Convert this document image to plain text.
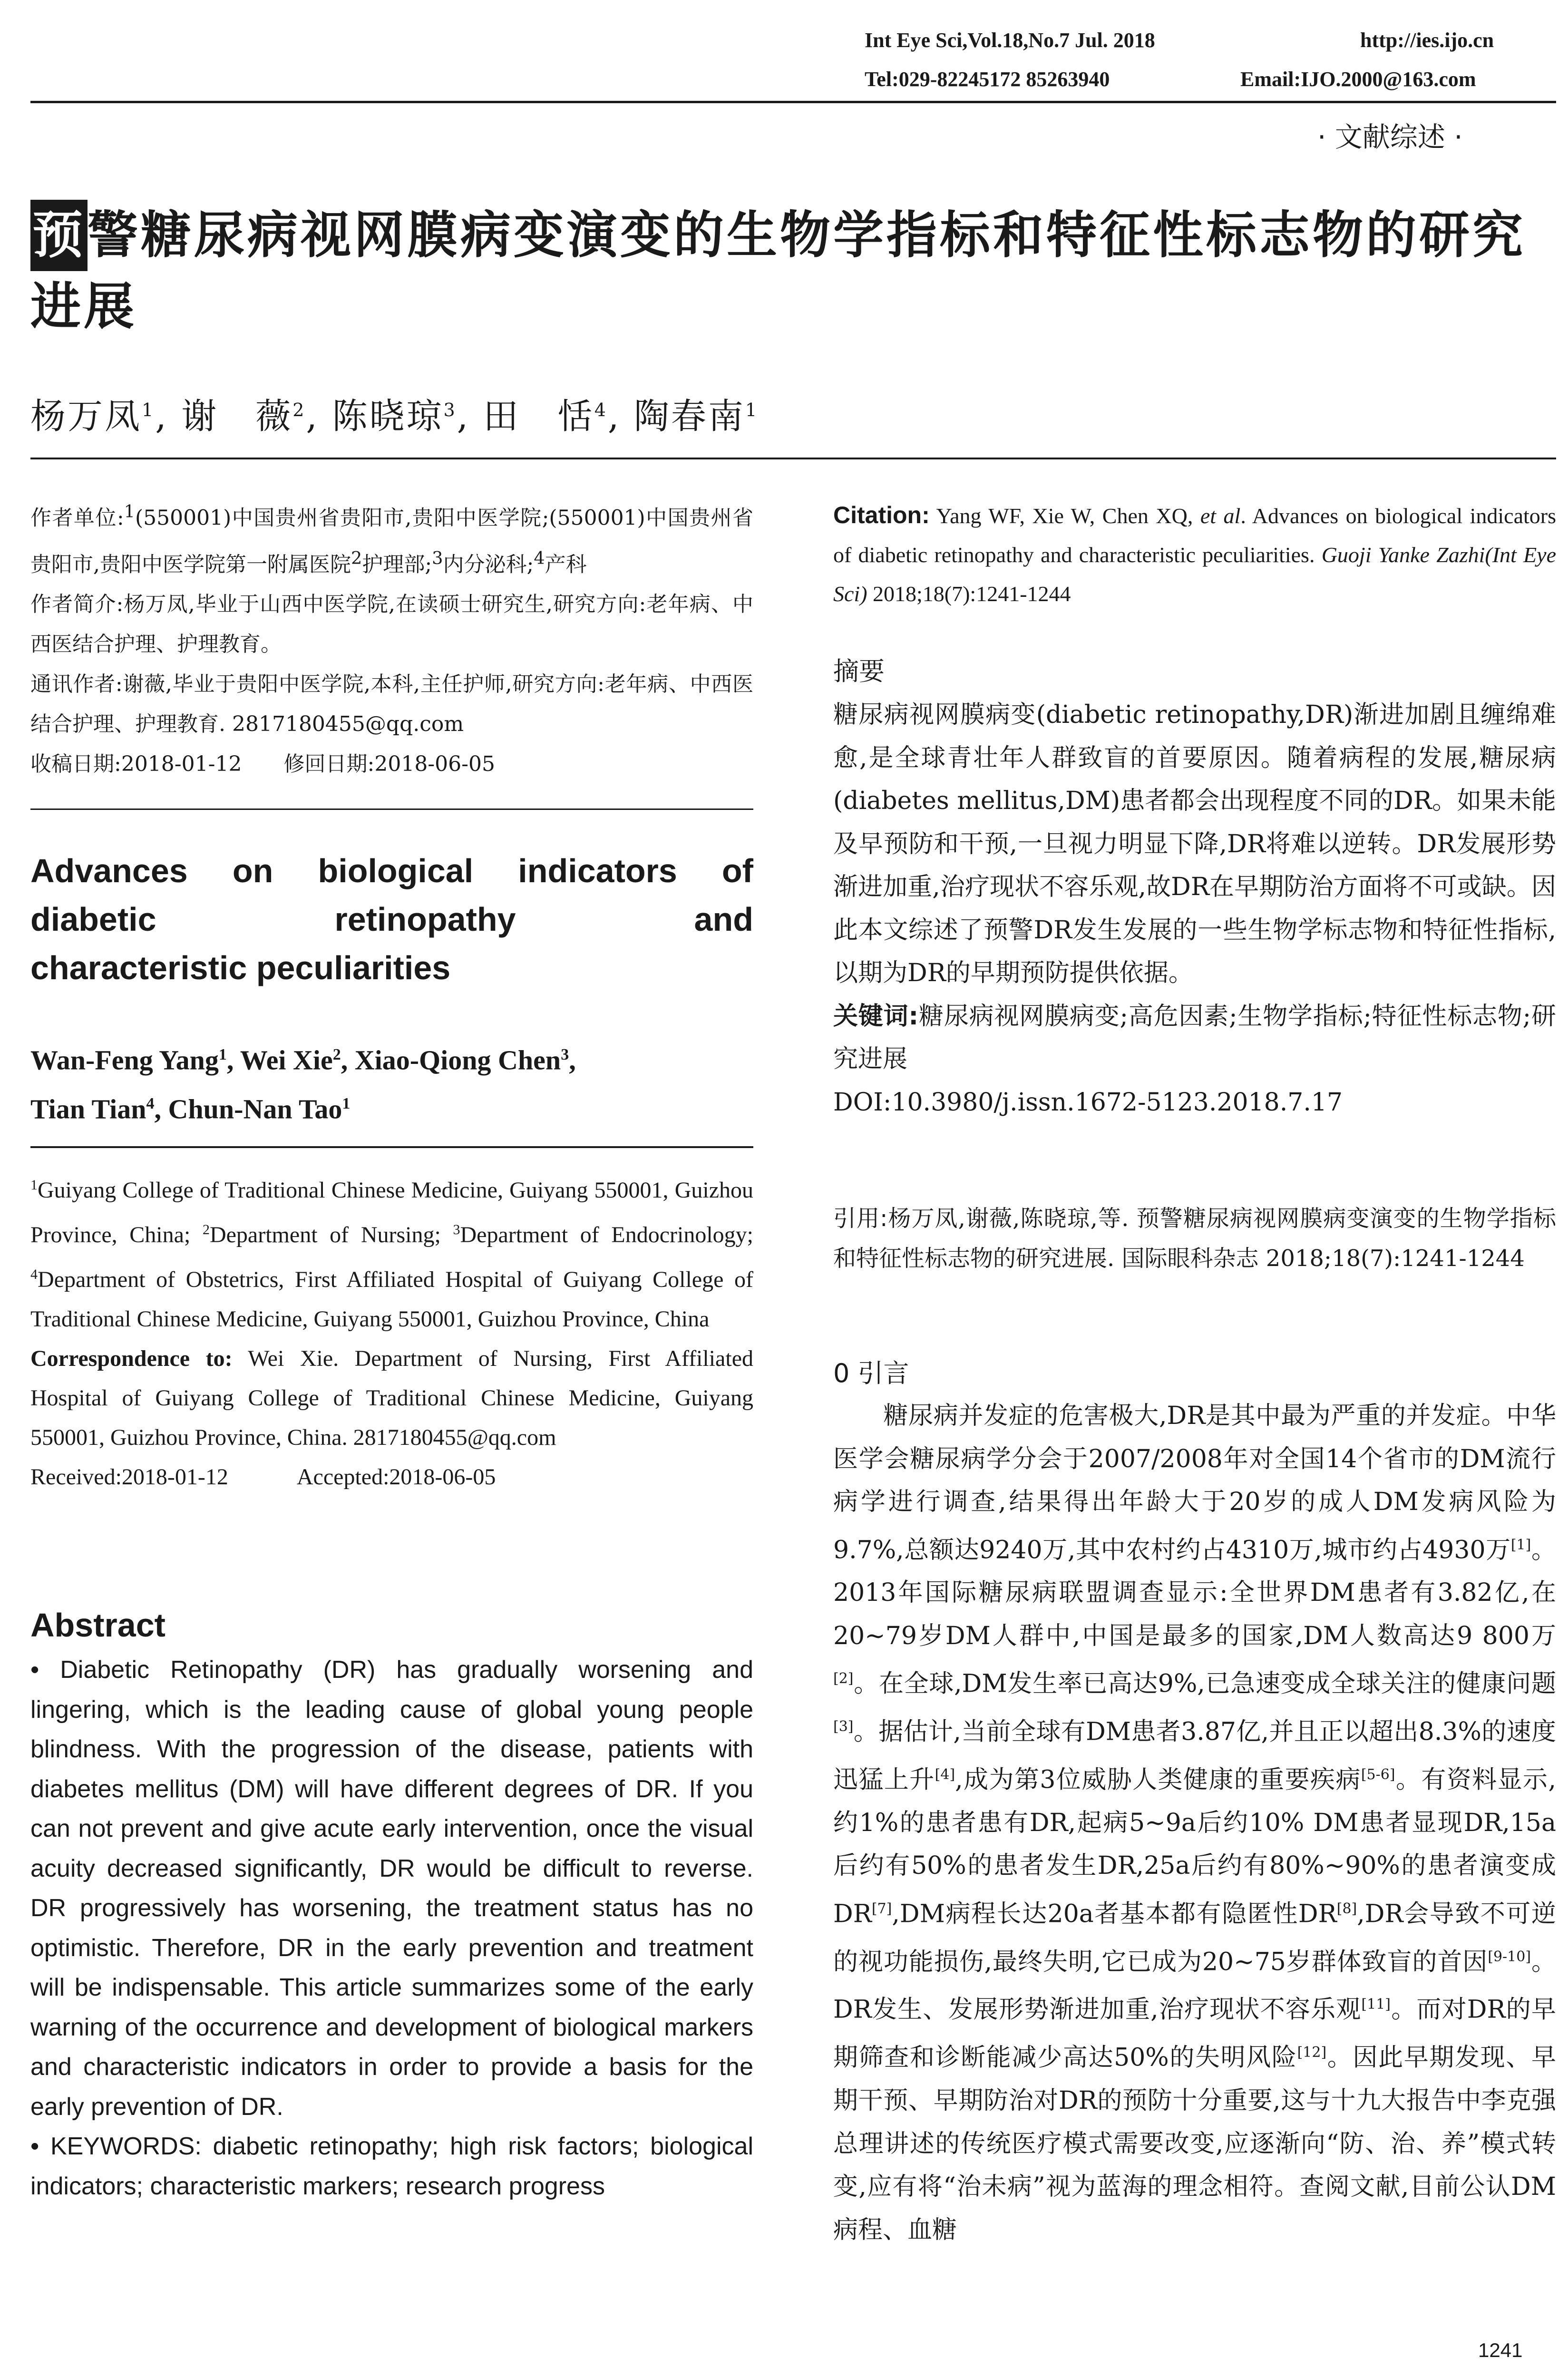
Int Eye Sci,Vol.18,No.7 Jul. 2018	http://ies.ijo.cn
Tel:029-82245172 85263940	Email:IJO.2000@163.com
· 文献综述 ·
预警糖尿病视网膜病变演变的生物学指标和特征性标志物的研究进展
杨万凤$^1$, 谢　薇$^2$, 陈晓琼$^3$, 田　恬$^4$, 陶春南$^1$

作者单位:$^1$(550001)中国贵州省贵阳市,贵阳中医学院;(550001)中国贵州省贵阳市,贵阳中医学院第一附属医院$^2$护理部;$^3$内分泌科;$^4$产科

作者简介:杨万凤,毕业于山西中医学院,在读硕士研究生,研究方向:老年病、中西医结合护理、护理教育。

通讯作者:谢薇,毕业于贵阳中医学院,本科,主任护师,研究方向:老年病、中西医结合护理、护理教育. 2817180455@qq.com

收稿日期:2018-01-12　　修回日期:2018-06-05

Advances on biological indicators of
diabetic retinopathy and
characteristic peculiarities
Wan-Feng Yang$^1$, Wei Xie$^2$, Xiao-Qiong Chen$^3$,
Tian Tian$^4$, Chun-Nan Tao$^1$

$^1$Guiyang College of Traditional Chinese Medicine, Guiyang 550001, Guizhou Province, China; $^2$Department of Nursing; $^3$Department of Endocrinology; $^4$Department of Obstetrics, First Affiliated Hospital of Guiyang College of Traditional Chinese Medicine, Guiyang 550001, Guizhou Province, China

Correspondence to: Wei Xie. Department of Nursing, First Affiliated Hospital of Guiyang College of Traditional Chinese Medicine, Guiyang 550001, Guizhou Province, China. 2817180455@qq.com

Received:2018-01-12　　　Accepted:2018-06-05

Abstract

• Diabetic Retinopathy (DR) has gradually worsening and lingering, which is the leading cause of global young people blindness. With the progression of the disease, patients with diabetes mellitus (DM) will have different degrees of DR. If you can not prevent and give acute early intervention, once the visual acuity decreased significantly, DR would be difficult to reverse. DR progressively has worsening, the treatment status has no optimistic. Therefore, DR in the early prevention and treatment will be indispensable. This article summarizes some of the early warning of the occurrence and development of biological markers and characteristic indicators in order to provide a basis for the early prevention of DR.

• KEYWORDS: diabetic retinopathy; high risk factors; biological indicators; characteristic markers; research progress

Citation: Yang WF, Xie W, Chen XQ, et al. Advances on biological indicators of diabetic retinopathy and characteristic peculiarities. Guoji Yanke Zazhi(Int Eye Sci) 2018;18(7):1241-1244
摘要

糖尿病视网膜病变(diabetic retinopathy,DR)渐进加剧且缠绵难愈,是全球青壮年人群致盲的首要原因。随着病程的发展,糖尿病(diabetes mellitus,DM)患者都会出现程度不同的DR。如果未能及早预防和干预,一旦视力明显下降,DR将难以逆转。DR发展形势渐进加重,治疗现状不容乐观,故DR在早期防治方面将不可或缺。因此本文综述了预警DR发生发展的一些生物学标志物和特征性指标,以期为DR的早期预防提供依据。

关键词:糖尿病视网膜病变;高危因素;生物学指标;特征性标志物;研究进展

DOI:10.3980/j.issn.1672-5123.2018.7.17

引用:杨万凤,谢薇,陈晓琼,等. 预警糖尿病视网膜病变演变的生物学指标和特征性标志物的研究进展. 国际眼科杂志 2018;18(7):1241-1244
0 引言

　　糖尿病并发症的危害极大,DR是其中最为严重的并发症。中华医学会糖尿病学分会于2007/2008年对全国14个省市的DM流行病学进行调查,结果得出年龄大于20岁的成人DM发病风险为9.7%,总额达9240万,其中农村约占4310万,城市约占4930万[1]。2013年国际糖尿病联盟调查显示:全世界DM患者有3.82亿,在20~79岁DM人群中,中国是最多的国家,DM人数高达9 800万[2]。在全球,DM发生率已高达9%,已急速变成全球关注的健康问题[3]。据估计,当前全球有DM患者3.87亿,并且正以超出8.3%的速度迅猛上升[4],成为第3位威胁人类健康的重要疾病[5-6]。有资料显示,约1%的患者患有DR,起病5~9a后约10% DM患者显现DR,15a后约有50%的患者发生DR,25a后约有80%~90%的患者演变成DR[7],DM病程长达20a者基本都有隐匿性DR[8],DR会导致不可逆的视功能损伤,最终失明,它已成为20~75岁群体致盲的首因[9-10]。DR发生、发展形势渐进加重,治疗现状不容乐观[11]。而对DR的早期筛查和诊断能减少高达50%的失明风险[12]。因此早期发现、早期干预、早期防治对DR的预防十分重要,这与十九大报告中李克强总理讲述的传统医疗模式需要改变,应逐渐向“防、治、养”模式转变,应有将“治未病”视为蓝海的理念相符。查阅文献,目前公认DM病程、血糖

1241
